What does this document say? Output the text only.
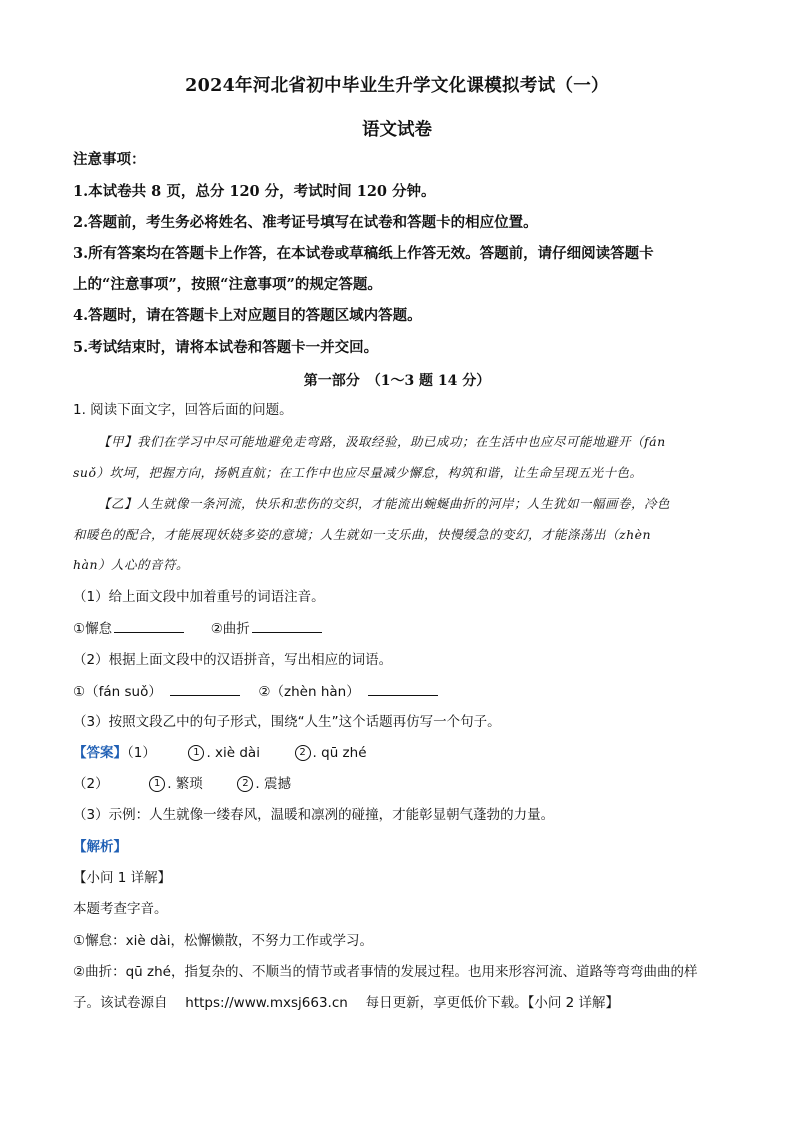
2024年河北省初中毕业生升学文化课模拟考试（一）
语文试卷
注意事项：
1.本试卷共 8 页，总分 120 分，考试时间 120 分钟。
2.答题前，考生务必将姓名、准考证号填写在试卷和答题卡的相应位置。
3.所有答案均在答题卡上作答，在本试卷或草稿纸上作答无效。答题前，请仔细阅读答题卡
上的“注意事项”，按照“注意事项”的规定答题。
4.答题时，请在答题卡上对应题目的答题区域内答题。
5.考试结束时，请将本试卷和答题卡一并交回。
第一部分　（1～3 题 14 分）
1. 阅读下面文字，回答后面的问题。
【甲】我们在学习中尽可能地避免走弯路，汲取经验，助已成功；在生活中也应尽可能地避开（fán
suǒ）坎坷，把握方向，扬帆直航；在工作中也应尽量减少懈怠，构筑和谐，让生命呈现五光十色。
【乙】人生就像一条河流，快乐和悲伤的交织，才能流出蜿蜒曲折的河岸；人生犹如一幅画卷，冷色
和暖色的配合，才能展现妖娆多姿的意境；人生就如一支乐曲，快慢缓急的变幻，才能涤荡出（zhèn
hàn）人心的音符。
（1）给上面文段中加着重号的词语注音。
①懈怠	②曲折
（2）根据上面文段中的汉语拼音，写出相应的词语。
①（fán suǒ）	②（zhèn hàn）
（3）按照文段乙中的句子形式，围绕“人生”这个话题再仿写一个句子。
【答案】（1）	1 . xiè dài	2 . qū zhé
（2）	1 . 繁琐	2 . 震撼
（3）示例：人生就像一缕春风，温暖和凛冽的碰撞，才能彰显朝气蓬勃的力量。
【解析】
【小问 1 详解】
本题考查字音。
①懈怠：xiè dài，松懈懒散，不努力工作或学习。
②曲折：qū zhé，指复杂的、不顺当的情节或者事情的发展过程。也用来形容河流、道路等弯弯曲曲的样
子。该试卷源自　 https://www.mxsj663.cn　 每日更新，享更低价下载。【小问 2 详解】
